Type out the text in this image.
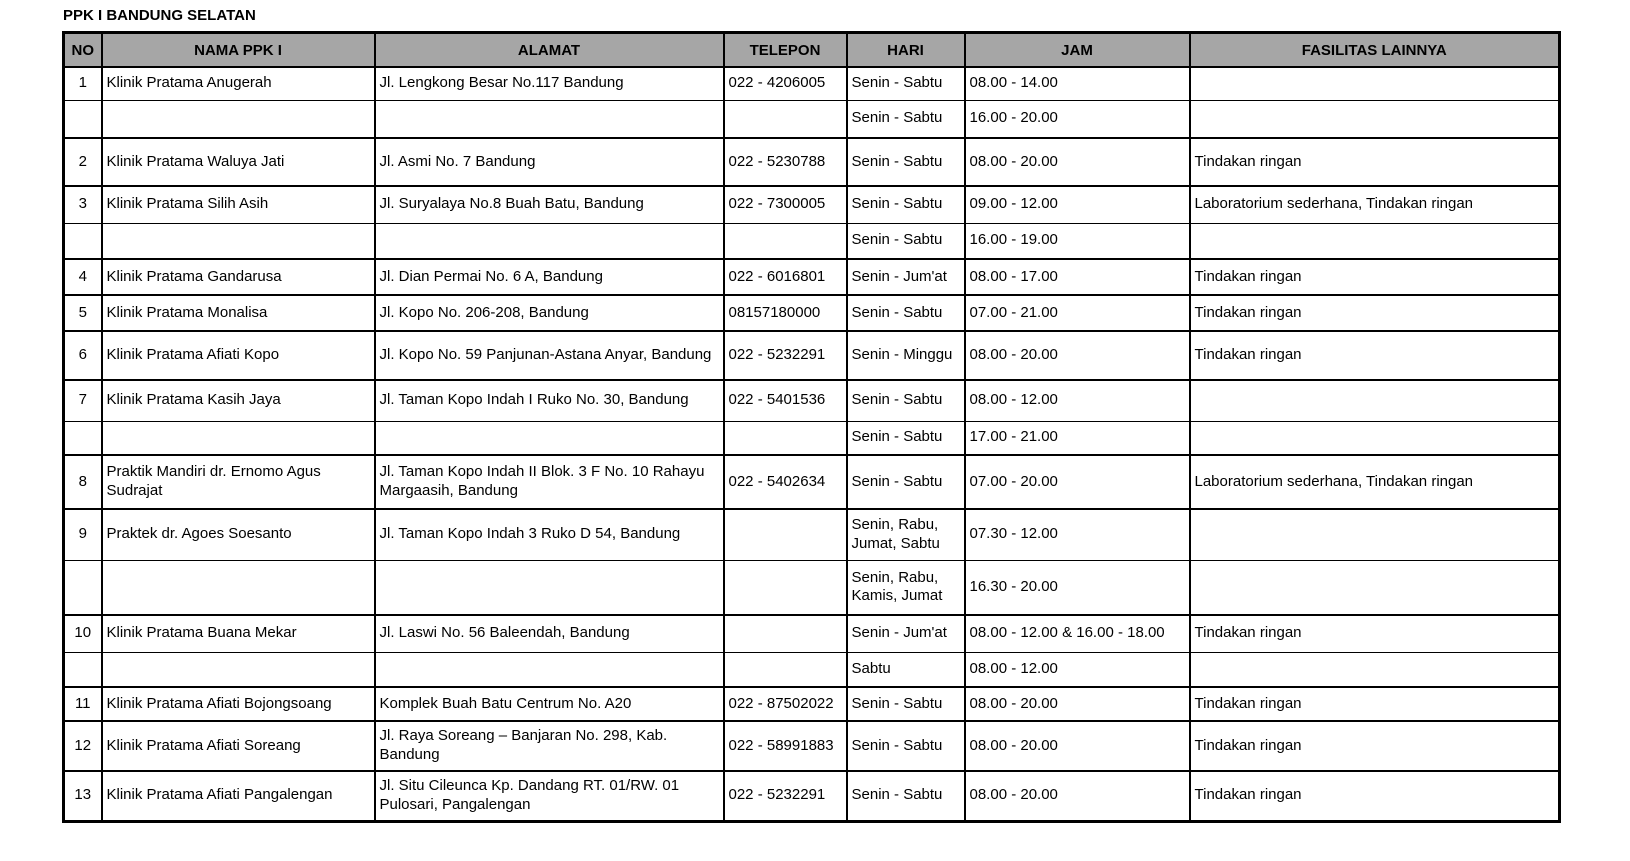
PPK I BANDUNG SELATAN
NO	NAMA PPK I	ALAMAT	TELEPON	HARI	JAM	FASILITAS LAINNYA
1	Klinik Pratama Anugerah	Jl. Lengkong Besar No.117 Bandung	022 - 4206005	Senin - Sabtu	08.00 - 14.00	
				Senin - Sabtu	16.00 - 20.00	
2	Klinik Pratama Waluya Jati	Jl. Asmi No. 7 Bandung	022 - 5230788	Senin - Sabtu	08.00 - 20.00	Tindakan ringan
3	Klinik Pratama Silih Asih	Jl. Suryalaya No.8 Buah Batu, Bandung	022 - 7300005	Senin - Sabtu	09.00 - 12.00	Laboratorium sederhana, Tindakan ringan
				Senin - Sabtu	16.00 - 19.00	
4	Klinik Pratama Gandarusa	Jl. Dian Permai No. 6 A, Bandung	022 - 6016801	Senin - Jum'at	08.00 - 17.00	Tindakan ringan
5	Klinik Pratama Monalisa	Jl. Kopo No. 206-208, Bandung	08157180000	Senin - Sabtu	07.00 - 21.00	Tindakan ringan
6	Klinik Pratama Afiati Kopo	Jl. Kopo No. 59 Panjunan-Astana Anyar, Bandung	022 - 5232291	Senin - Minggu	08.00 - 20.00	Tindakan ringan
7	Klinik Pratama Kasih Jaya	Jl. Taman Kopo Indah I Ruko No. 30, Bandung	022 - 5401536	Senin - Sabtu	08.00 - 12.00	
				Senin - Sabtu	17.00 - 21.00	
8	Praktik Mandiri dr. Ernomo Agus Sudrajat	Jl. Taman Kopo Indah II Blok. 3 F No. 10 Rahayu Margaasih, Bandung	022 - 5402634	Senin - Sabtu	07.00 - 20.00	Laboratorium sederhana, Tindakan ringan
9	Praktek dr. Agoes Soesanto	Jl. Taman Kopo Indah 3 Ruko D 54, Bandung		Senin, Rabu, Jumat, Sabtu	07.30 - 12.00	
				Senin, Rabu, Kamis, Jumat	16.30 - 20.00	
10	Klinik Pratama Buana Mekar	Jl. Laswi No. 56 Baleendah, Bandung		Senin - Jum'at	08.00 - 12.00 & 16.00 - 18.00	Tindakan ringan
				Sabtu	08.00 - 12.00	
11	Klinik Pratama Afiati Bojongsoang	Komplek Buah Batu Centrum No. A20	022 - 87502022	Senin - Sabtu	08.00 - 20.00	Tindakan ringan
12	Klinik Pratama Afiati Soreang	Jl. Raya Soreang – Banjaran No. 298, Kab. Bandung	022 - 58991883	Senin - Sabtu	08.00 - 20.00	Tindakan ringan
13	Klinik Pratama Afiati Pangalengan	Jl. Situ Cileunca Kp. Dandang RT. 01/RW. 01 Pulosari, Pangalengan	022 - 5232291	Senin - Sabtu	08.00 - 20.00	Tindakan ringan
